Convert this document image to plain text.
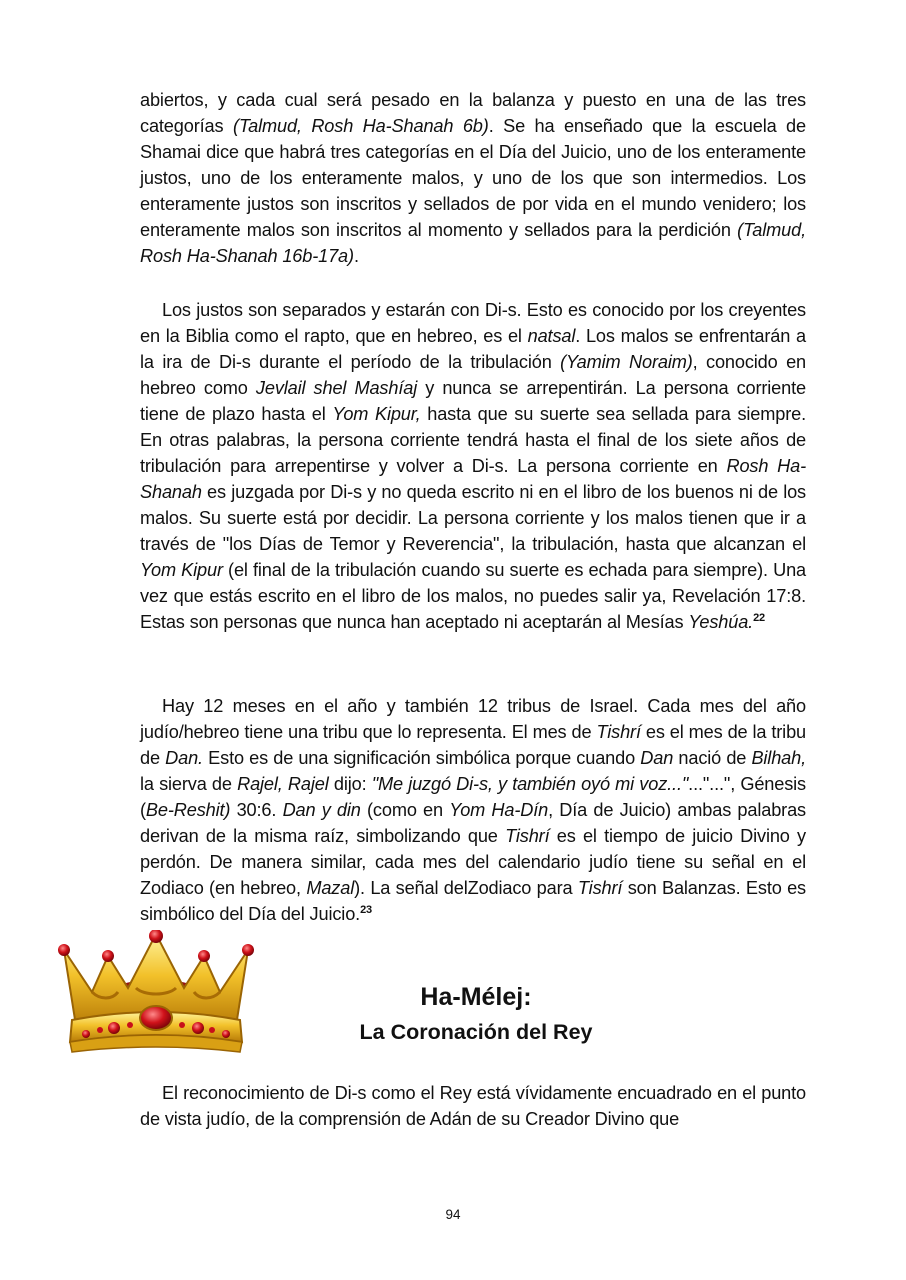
abiertos, y cada cual será pesado en la balanza y puesto en una de las tres categorías (Talmud, Rosh Ha-Shanah 6b). Se ha enseñado que la escuela de Shamai dice que habrá tres categorías en el Día del Juicio, uno de los enteramente justos, uno de los enteramente malos, y uno de los que son intermedios. Los enteramente justos son inscritos y sellados de por vida en el mundo venidero; los enteramente malos son inscritos al momento y sellados para la perdición (Talmud, Rosh Ha-Shanah 16b-17a).

Los justos son separados y estarán con Di-s. Esto es conocido por los creyentes en la Biblia como el rapto, que en hebreo, es el natsal. Los malos se enfrentarán a la ira de Di-s durante el período de la tribulación (Yamim Noraim), conocido en hebreo como Jevlail shel Mashíaj y nunca se arrepentirán. La persona corriente tiene de plazo hasta el Yom Kipur, hasta que su suerte sea sellada para siempre. En otras palabras, la persona corriente tendrá hasta el final de los siete años de tribulación para arrepentirse y volver a Di-s. La persona corriente en Rosh Ha-Shanah es juzgada por Di-s y no queda escrito ni en el libro de los buenos ni de los malos. Su suerte está por decidir. La persona corriente y los malos tienen que ir a través de "los Días de Temor y Reverencia", la tribulación, hasta que alcanzan el Yom Kipur (el final de la tribulación cuando su suerte es echada para siempre). Una vez que estás escrito en el libro de los malos, no puedes salir ya, Revelación 17:8. Estas son personas que nunca han aceptado ni aceptarán al Mesías Yeshúa.$^{22}$

Hay 12 meses en el año y también 12 tribus de Israel. Cada mes del año judío/hebreo tiene una tribu que lo representa. El mes de Tishrí es el mes de la tribu de Dan. Esto es de una significación simbólica porque cuando Dan nació de Bilhah, la sierva de Rajel, Rajel dijo: "Me juzgó Di-s, y también oyó mi voz..."..."...", Génesis (Be-Reshit) 30:6. Dan y din (como en Yom Ha-Dín, Día de Juicio) ambas palabras derivan de la misma raíz, simbolizando que Tishrí es el tiempo de juicio Divino y perdón. De manera similar, cada mes del calendario judío tiene su señal en el Zodiaco (en hebreo, Mazal). La señal delZodiaco para Tishrí son Balanzas. Esto es simbólico del Día del Juicio.$^{23}$

Ha-Mélej:
La Coronación del Rey

El reconocimiento de Di-s como el Rey está vívidamente encuadrado en el punto de vista judío, de la comprensión de Adán de su Creador Divino que

94
